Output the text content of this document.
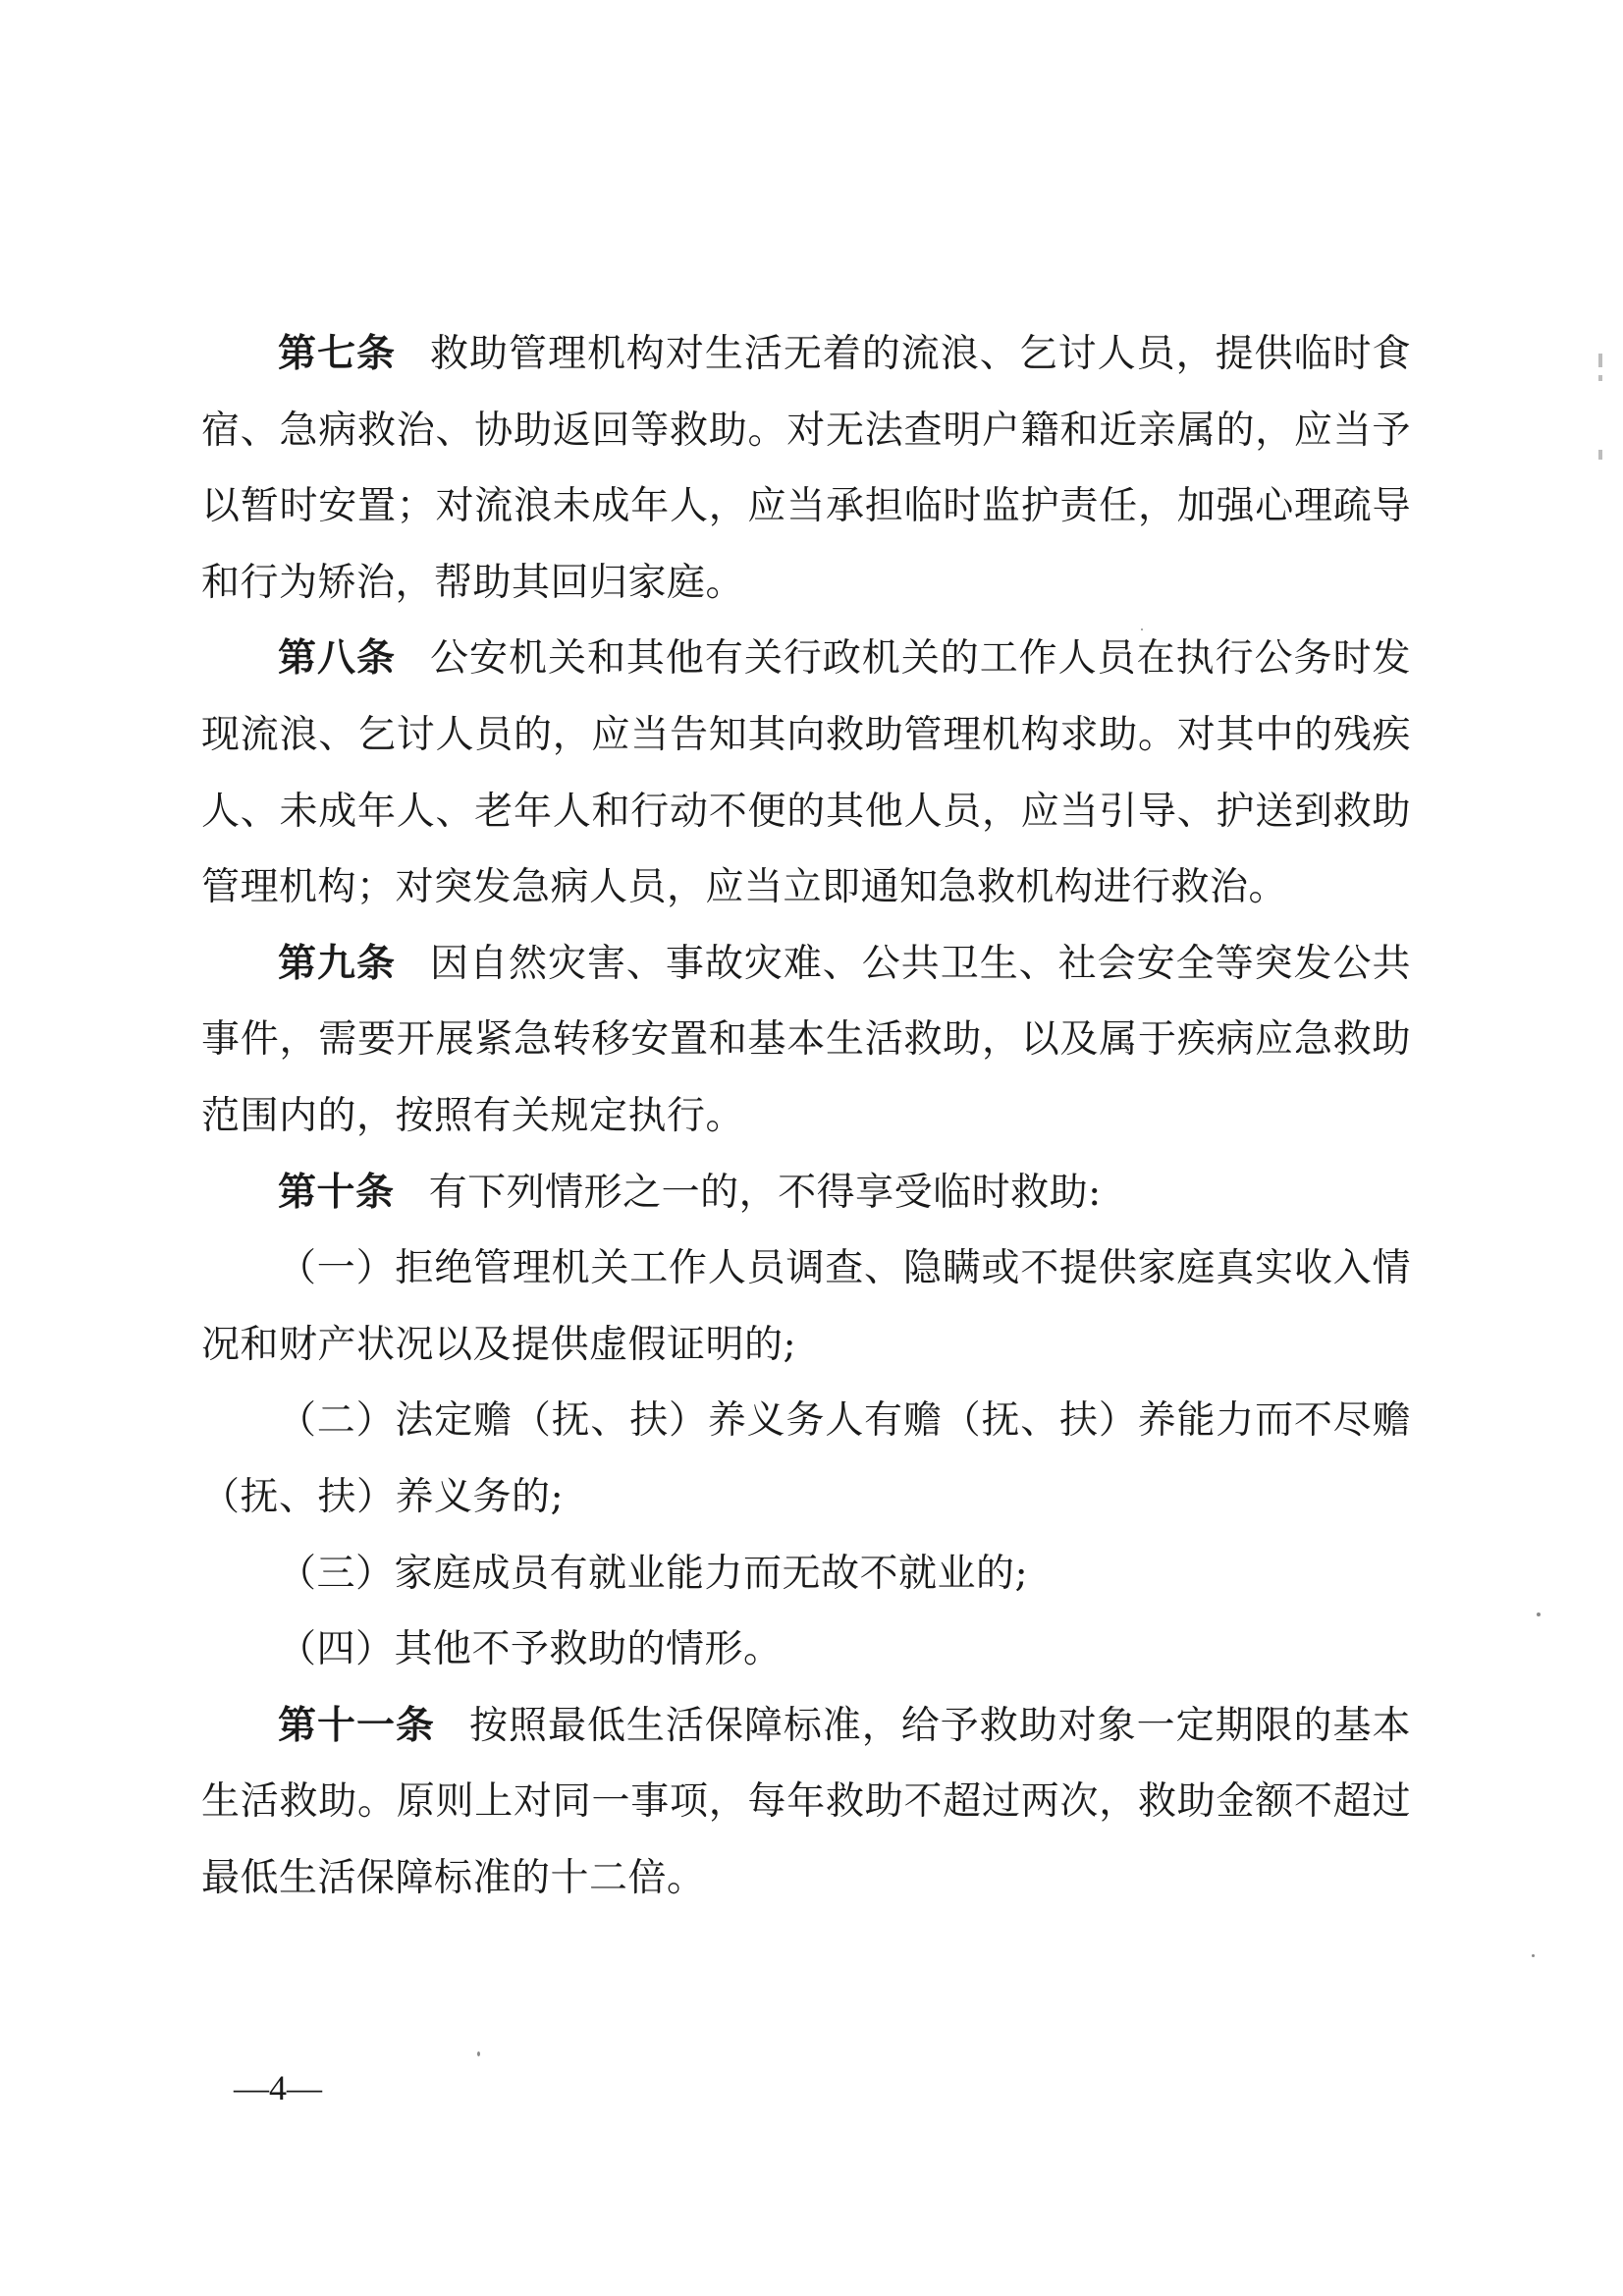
第七条 救助管理机构对生活无着的流浪、乞讨人员，提供临时食宿、急病救治、协助返回等救助。对无法查明户籍和近亲属的，应当予以暂时安置；对流浪未成年人，应当承担临时监护责任，加强心理疏导和行为矫治，帮助其回归家庭。

第八条 公安机关和其他有关行政机关的工作人员在执行公务时发现流浪、乞讨人员的，应当告知其向救助管理机构求助。对其中的残疾人、未成年人、老年人和行动不便的其他人员，应当引导、护送到救助管理机构；对突发急病人员，应当立即通知急救机构进行救治。

第九条 因自然灾害、事故灾难、公共卫生、社会安全等突发公共事件，需要开展紧急转移安置和基本生活救助，以及属于疾病应急救助范围内的，按照有关规定执行。

第十条 有下列情形之一的，不得享受临时救助:

（一）拒绝管理机关工作人员调查、隐瞒或不提供家庭真实收入情况和财产状况以及提供虚假证明的;

（二）法定赡（抚、扶）养义务人有赡（抚、扶）养能力而不尽赡（抚、扶）养义务的;

（三）家庭成员有就业能力而无故不就业的;

（四）其他不予救助的情形。

第十一条 按照最低生活保障标准，给予救助对象一定期限的基本生活救助。原则上对同一事项，每年救助不超过两次，救助金额不超过最低生活保障标准的十二倍。

—4—
